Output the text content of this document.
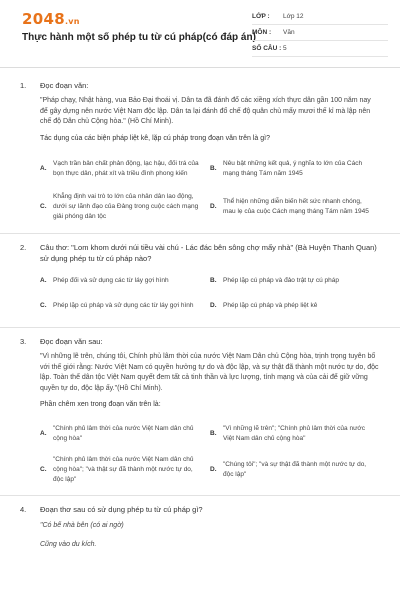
2048.vn
Thực hành một số phép tu từ cú pháp(có đáp án)
LỚP :	Lớp 12
MÔN :	Văn
SỐ CÂU : 5
1. Đọc đoạn văn:
"Pháp chạy, Nhật hàng, vua Bảo Đại thoái vị. Dân ta đã đánh đổ các xiềng xích thực dân gần 100 năm nay để gây dựng nên nước Việt Nam độc lập. Dân ta lại đánh đổ chế độ quân chủ mấy mươi thế kỉ mà lập nên chế độ Dân chủ Cộng hòa." (Hồ Chí Minh).
Tác dụng của các biện pháp liệt kê, lặp cú pháp trong đoạn văn trên là gì?
A.
Vạch trần bản chất phản động, lạc hậu, đối trá của bọn thực dân, phát xít và triều đình phong kiến
B.
Nêu bật những kết quả, ý nghĩa to lớn của Cách mạng tháng Tám năm 1945
C.
Khẳng định vai trò to lớn của nhân dân lao động, dưới sự lãnh đạo của Đảng trong cuộc cách mạng giải phóng dân tộc
D.
Thể hiện những diễn biến hết sức nhanh chóng, mau lẹ của cuộc Cách mạng tháng Tám năm 1945
2. Câu thơ: "Lom khom dưới núi tiều vài chú - Lác đác bên sông chợ mấy nhà" (Bà Huyện Thanh Quan) sử dụng phép tu từ cú pháp nào?
A. Phép đối và sử dụng các từ láy gợi hình	B. Phép lặp cú pháp và đảo trật tự cú pháp
C. Phép lặp cú pháp và sử dụng các từ láy gợi hình	D. Phép lặp cú pháp và phép liệt kê
3. Đọc đoạn văn sau:
"Vì những lẽ trên, chúng tôi, Chính phủ lâm thời của nước Việt Nam Dân chủ Cộng hòa, trịnh trọng tuyên bố với thế giới rằng: Nước Việt Nam có quyền hưởng tự do và độc lập, và sự thật đã thành một nước tự do, độc lập. Toàn thể dân tộc Việt Nam quyết đem tất cả tinh thần và lực lượng, tính mạng và của cải để giữ vững quyền tự do, độc lập ấy."(Hồ Chí Minh).
Phần chêm xen trong đoạn văn trên là:
A.
"Chính phủ lâm thời của nước Việt Nam dân chủ cộng hòa"
B.
"Vì những lẽ trên"; "Chính phủ lâm thời của nước Việt Nam dân chủ cộng hòa"
C.
"Chính phủ lâm thời của nước Việt Nam dân chủ cộng hòa"; "và thật sự đã thành một nước tự do, độc lập"
D.
"Chúng tôi"; "và sự thật đã thành một nước tự do, độc lập"
4. Đoạn thơ sau có sử dụng phép tu từ cú pháp gì?
"Có bế nhà bên (có ai ngờ)
Cũng vào du kích.
